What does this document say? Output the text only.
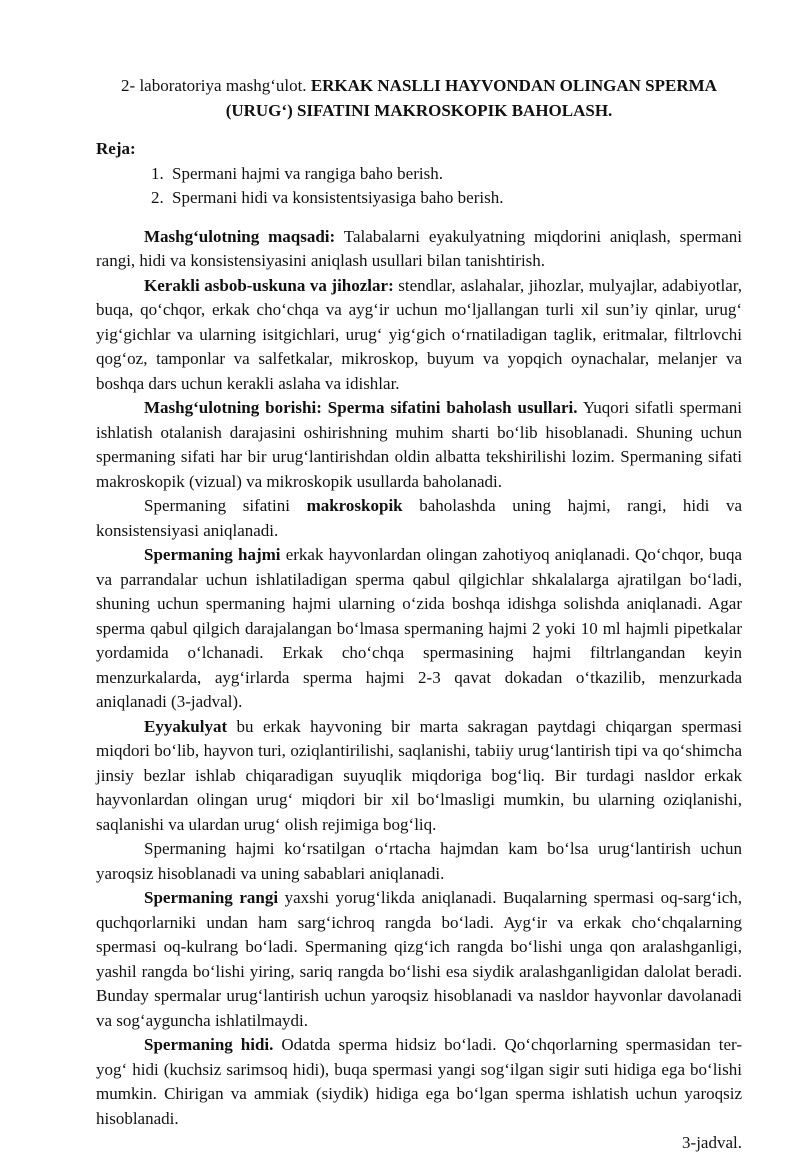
2- laboratoriya mashg‘ulot. ERKAK NASLLI HAYVONDAN OLINGAN SPERMA (URUG‘) SIFATINI MAKROSKOPIK BAHOLASH.
Reja:
1. Spermani hajmi va rangiga baho berish.
2. Spermani hidi va konsistentsiyasiga baho berish.

Mashg‘ulotning maqsadi: Talabalarni eyakulyatning miqdorini aniqlash, spermani rangi, hidi va konsistensiyasini aniqlash usullari bilan tanishtirish.

Kerakli asbob-uskuna va jihozlar: stendlar, aslahalar, jihozlar, mulyajlar, adabiyotlar, buqa, qo‘chqor, erkak cho‘chqa va ayg‘ir uchun mo‘ljallangan turli xil sun’iy qinlar, urug‘ yig‘gichlar va ularning isitgichlari, urug‘ yig‘gich o‘rnatiladigan taglik, eritmalar, filtrlovchi qog‘oz, tamponlar va salfetkalar, mikroskop, buyum va yopqich oynachalar, melanjer va boshqa dars uchun kerakli aslaha va idishlar.

Mashg‘ulotning borishi: Sperma sifatini baholash usullari. Yuqori sifatli spermani ishlatish otalanish darajasini oshirishning muhim sharti bo‘lib hisoblanadi. Shuning uchun spermaning sifati har bir urug‘lantirishdan oldin albatta tekshirilishi lozim. Spermaning sifati makroskopik (vizual) va mikroskopik usullarda baholanadi.

Spermaning sifatini makroskopik baholashda uning hajmi, rangi, hidi va konsistensiyasi aniqlanadi.

Spermaning hajmi erkak hayvonlardan olingan zahotiyoq aniqlanadi. Qo‘chqor, buqa va parrandalar uchun ishlatiladigan sperma qabul qilgichlar shkalalarga ajratilgan bo‘ladi, shuning uchun spermaning hajmi ularning o‘zida boshqa idishga solishda aniqlanadi. Agar sperma qabul qilgich darajalangan bo‘lmasa spermaning hajmi 2 yoki 10 ml hajmli pipetkalar yordamida o‘lchanadi. Erkak cho‘chqa spermasining hajmi filtrlangandan keyin menzurkalarda, ayg‘irlarda sperma hajmi 2-3 qavat dokadan o‘tkazilib, menzurkada aniqlanadi (3-jadval).

Eyyakulyat bu erkak hayvoning bir marta sakragan paytdagi chiqargan spermasi miqdori bo‘lib, hayvon turi, oziqlantirilishi, saqlanishi, tabiiy urug‘lantirish tipi va qo‘shimcha jinsiy bezlar ishlab chiqaradigan suyuqlik miqdoriga bog‘liq. Bir turdagi nasldor erkak hayvonlardan olingan urug‘ miqdori bir xil bo‘lmasligi mumkin, bu ularning oziqlanishi, saqlanishi va ulardan urug‘ olish rejimiga bog‘liq.

Spermaning hajmi ko‘rsatilgan o‘rtacha hajmdan kam bo‘lsa urug‘lantirish uchun yaroqsiz hisoblanadi va uning sabablari aniqlanadi.

Spermaning rangi yaxshi yorug‘likda aniqlanadi. Buqalarning spermasi oq-sarg‘ich, quchqorlarniki undan ham sarg‘ichroq rangda bo‘ladi. Ayg‘ir va erkak cho‘chqalarning spermasi oq-kulrang bo‘ladi. Spermaning qizg‘ich rangda bo‘lishi unga qon aralashganligi, yashil rangda bo‘lishi yiring, sariq rangda bo‘lishi esa siydik aralashganligidan dalolat beradi. Bunday spermalar urug‘lantirish uchun yaroqsiz hisoblanadi va nasldor hayvonlar davolanadi va sog‘ayguncha ishlatilmaydi.

Spermaning hidi. Odatda sperma hidsiz bo‘ladi. Qo‘chqorlarning spermasidan ter-yog‘ hidi (kuchsiz sarimsoq hidi), buqa spermasi yangi sog‘ilgan sigir suti hidiga ega bo‘lishi mumkin. Chirigan va ammiak (siydik) hidiga ega bo‘lgan sperma ishlatish uchun yaroqsiz hisoblanadi.

3-jadval.
